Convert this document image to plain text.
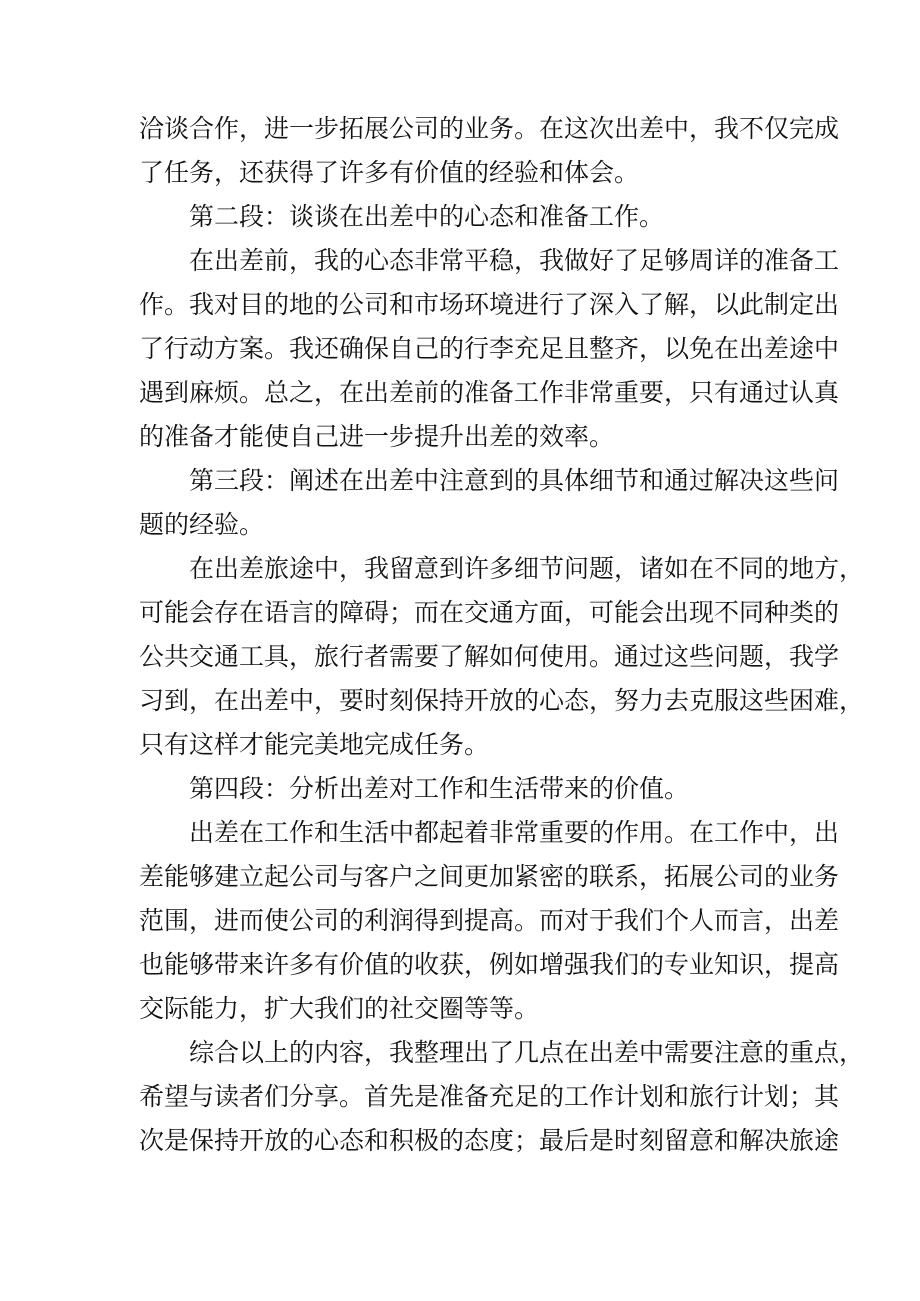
洽谈合作，进一步拓展公司的业务。在这次出差中，我不仅完成
了任务，还获得了许多有价值的经验和体会。
第二段：谈谈在出差中的心态和准备工作。
在出差前，我的心态非常平稳，我做好了足够周详的准备工
作。我对目的地的公司和市场环境进行了深入了解，以此制定出
了行动方案。我还确保自己的行李充足且整齐，以免在出差途中
遇到麻烦。总之，在出差前的准备工作非常重要，只有通过认真
的准备才能使自己进一步提升出差的效率。
第三段：阐述在出差中注意到的具体细节和通过解决这些问
题的经验。
在出差旅途中，我留意到许多细节问题，诸如在不同的地方，
可能会存在语言的障碍；而在交通方面，可能会出现不同种类的
公共交通工具，旅行者需要了解如何使用。通过这些问题，我学
习到，在出差中，要时刻保持开放的心态，努力去克服这些困难，
只有这样才能完美地完成任务。
第四段：分析出差对工作和生活带来的价值。
出差在工作和生活中都起着非常重要的作用。在工作中，出
差能够建立起公司与客户之间更加紧密的联系，拓展公司的业务
范围，进而使公司的利润得到提高。而对于我们个人而言，出差
也能够带来许多有价值的收获，例如增强我们的专业知识，提高
交际能力，扩大我们的社交圈等等。
综合以上的内容，我整理出了几点在出差中需要注意的重点，
希望与读者们分享。首先是准备充足的工作计划和旅行计划；其
次是保持开放的心态和积极的态度；最后是时刻留意和解决旅途
